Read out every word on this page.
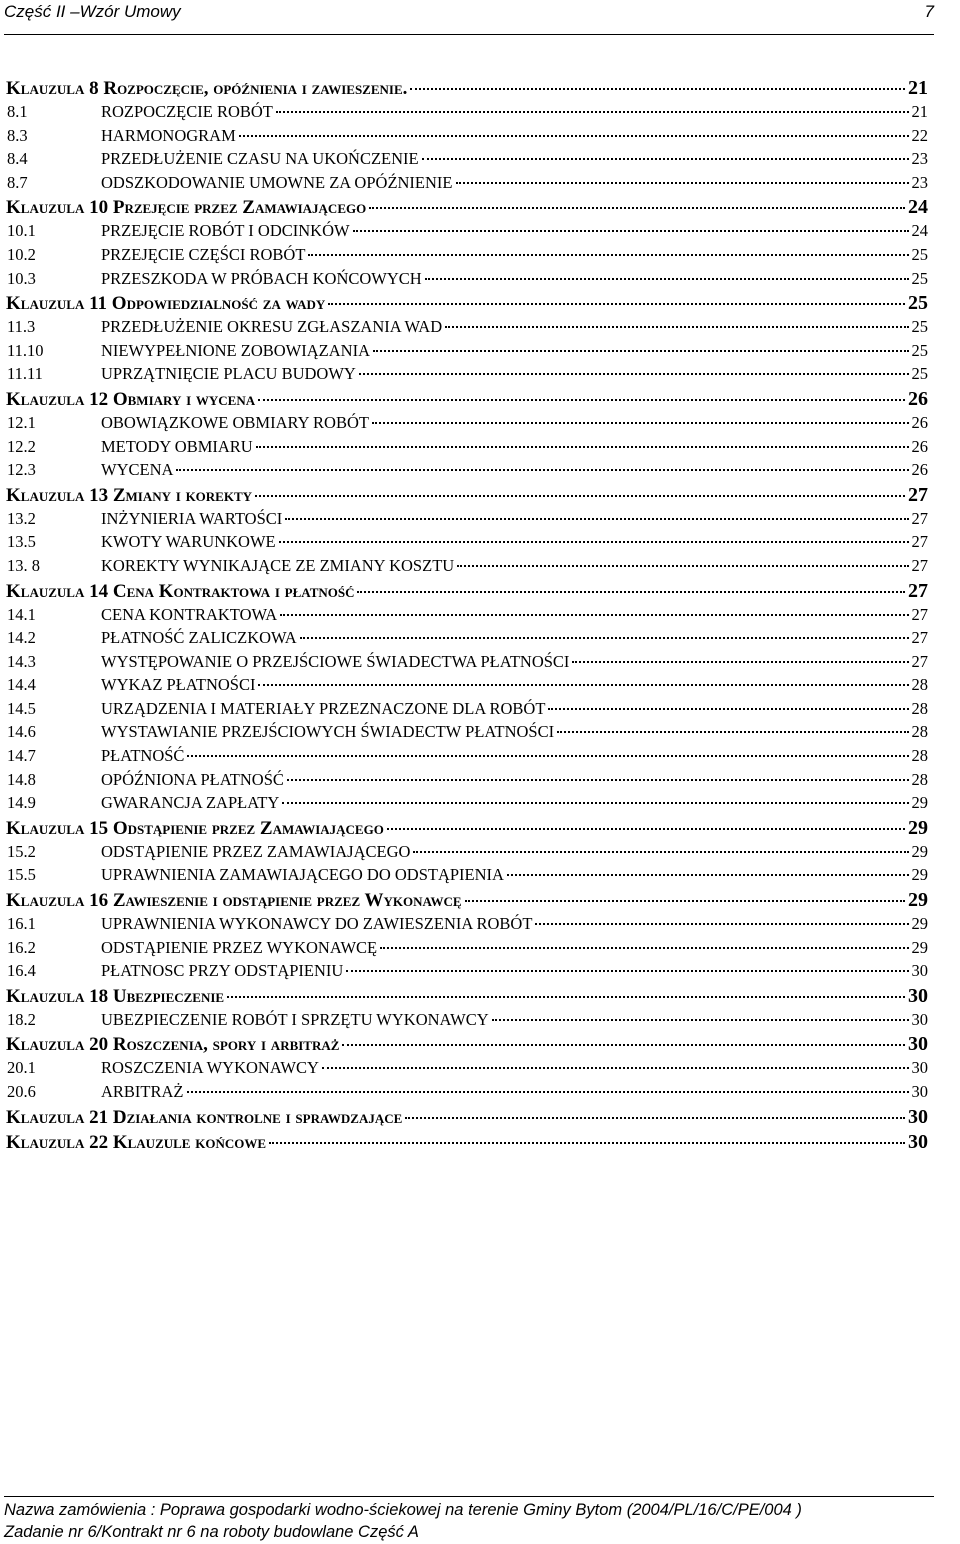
Część II –Wzór Umowy	7
Klauzula 8 Rozpoczęcie, opóźnienia i zawieszenie.	21
8.1	ROZPOCZĘCIE ROBÓT	21
8.3	HARMONOGRAM	22
8.4	PRZEDŁUŻENIE CZASU NA UKOŃCZENIE	23
8.7	ODSZKODOWANIE UMOWNE ZA OPÓŹNIENIE	23
Klauzula 10 Przejęcie przez Zamawiającego	24
10.1	PRZEJĘCIE ROBÓT I ODCINKÓW	24
10.2	PRZEJĘCIE CZĘŚCI ROBÓT	25
10.3	PRZESZKODA W PRÓBACH KOŃCOWYCH	25
Klauzula 11 Odpowiedzialność za wady	25
11.3	PRZEDŁUŻENIE OKRESU ZGŁASZANIA WAD	25
11.10	NIEWYPEŁNIONE ZOBOWIĄZANIA	25
11.11	UPRZĄTNIĘCIE PLACU BUDOWY	25
Klauzula 12 Obmiary i wycena	26
12.1	OBOWIĄZKOWE OBMIARY ROBÓT	26
12.2	METODY OBMIARU	26
12.3	WYCENA	26
Klauzula 13 Zmiany i korekty	27
13.2	INŻYNIERIA WARTOŚCI	27
13.5	KWOTY WARUNKOWE	27
13. 8	KOREKTY WYNIKAJĄCE ZE ZMIANY KOSZTU	27
Klauzula 14 Cena Kontraktowa i płatność	27
14.1	CENA KONTRAKTOWA	27
14.2	PŁATNOŚĆ ZALICZKOWA	27
14.3	WYSTĘPOWANIE O PRZEJŚCIOWE ŚWIADECTWA PŁATNOŚCI	27
14.4	WYKAZ PŁATNOŚCI	28
14.5	URZĄDZENIA I MATERIAŁY PRZEZNACZONE DLA ROBÓT	28
14.6	WYSTAWIANIE PRZEJŚCIOWYCH ŚWIADECTW PŁATNOŚCI	28
14.7	PŁATNOŚĆ	28
14.8	OPÓŹNIONA PŁATNOŚĆ	28
14.9	GWARANCJA ZAPŁATY	29
Klauzula 15 Odstąpienie przez Zamawiającego	29
15.2	ODSTĄPIENIE PRZEZ ZAMAWIAJĄCEGO	29
15.5	UPRAWNIENIA ZAMAWIAJĄCEGO DO ODSTĄPIENIA	29
Klauzula 16 Zawieszenie i odstąpienie przez Wykonawcę	29
16.1	UPRAWNIENIA WYKONAWCY DO ZAWIESZENIA ROBÓT	29
16.2	ODSTĄPIENIE PRZEZ WYKONAWCĘ	29
16.4	PŁATNOSC PRZY ODSTĄPIENIU	30
Klauzula 18 Ubezpieczenie	30
18.2	UBEZPIECZENIE ROBÓT I SPRZĘTU WYKONAWCY	30
Klauzula 20 Roszczenia, spory i arbitraż	30
20.1	ROSZCZENIA WYKONAWCY	30
20.6	ARBITRAŻ	30
Klauzula 21 Działania kontrolne i sprawdzające	30
Klauzula 22 Klauzule końcowe	30
Nazwa zamówienia : Poprawa gospodarki wodno-ściekowej na terenie Gminy Bytom (2004/PL/16/C/PE/004 )
Zadanie nr 6/Kontrakt nr 6 na roboty budowlane Część A
